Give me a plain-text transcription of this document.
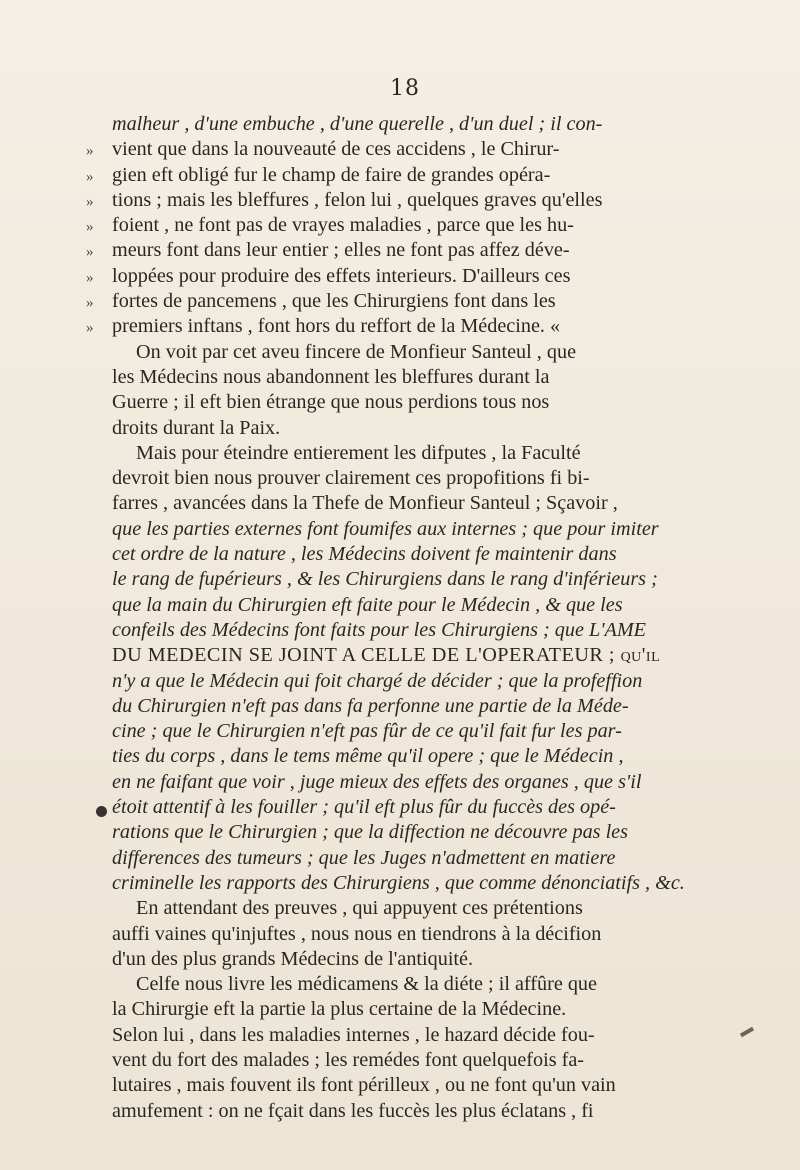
18
malheur , d'une embuche , d'une querelle , d'un duel ; il con-
» vient que dans la nouveauté de ces accidens , le Chirur-
» gien eft obligé fur le champ de faire de grandes opéra-
» tions ; mais les bleffures , felon lui , quelques graves qu'elles
» foient , ne font pas de vrayes maladies , parce que les hu-
» meurs font dans leur entier ; elles ne font pas affez déve-
» loppées pour produire des effets interieurs. D'ailleurs ces
» fortes de pancemens , que les Chirurgiens font dans les
» premiers inftans , font hors du reffort de la Médecine. «
On voit par cet aveu fincere de Monfieur Santeul , que
les Médecins nous abandonnent les bleffures durant la
Guerre ; il eft bien étrange que nous perdions tous nos
droits durant la Paix.
Mais pour éteindre entierement les difputes , la Faculté
devroit bien nous prouver clairement ces propofitions fi bi-
farres , avancées dans la Thefe de Monfieur Santeul ; Sçavoir ,
que les parties externes font foumifes aux internes ; que pour imiter
cet ordre de la nature , les Médecins doivent fe maintenir dans
le rang de fupérieurs , & les Chirurgiens dans le rang d'inférieurs ;
que la main du Chirurgien eft faite pour le Médecin , & que les
confeils des Médecins font faits pour les Chirurgiens ; que L'AME
DU MEDECIN SE JOINT A CELLE DE L'OPERATEUR ; qu'il
n'y a que le Médecin qui foit chargé de décider ; que la profeffion
du Chirurgien n'eft pas dans fa perfonne une partie de la Méde-
cine ; que le Chirurgien n'eft pas fûr de ce qu'il fait fur les par-
ties du corps , dans le tems même qu'il opere ; que le Médecin ,
en ne faifant que voir , juge mieux des effets des organes , que s'il
étoit attentif à les fouiller ; qu'il eft plus fûr du fuccès des opé-
rations que le Chirurgien ; que la diffection ne découvre pas les
differences des tumeurs ; que les Juges n'admettent en matiere
criminelle les rapports des Chirurgiens , que comme dénonciatifs , &c.
En attendant des preuves , qui appuyent ces prétentions
auffi vaines qu'injuftes , nous nous en tiendrons à la décifion
d'un des plus grands Médecins de l'antiquité.
Celfe nous livre les médicamens & la diéte ; il affûre que
la Chirurgie eft la partie la plus certaine de la Médecine.
Selon lui , dans les maladies internes , le hazard décide fou-
vent du fort des malades ; les remédes font quelquefois fa-
lutaires , mais fouvent ils font périlleux , ou ne font qu'un vain
amufement : on ne fçait dans les fuccès les plus éclatans , fi
